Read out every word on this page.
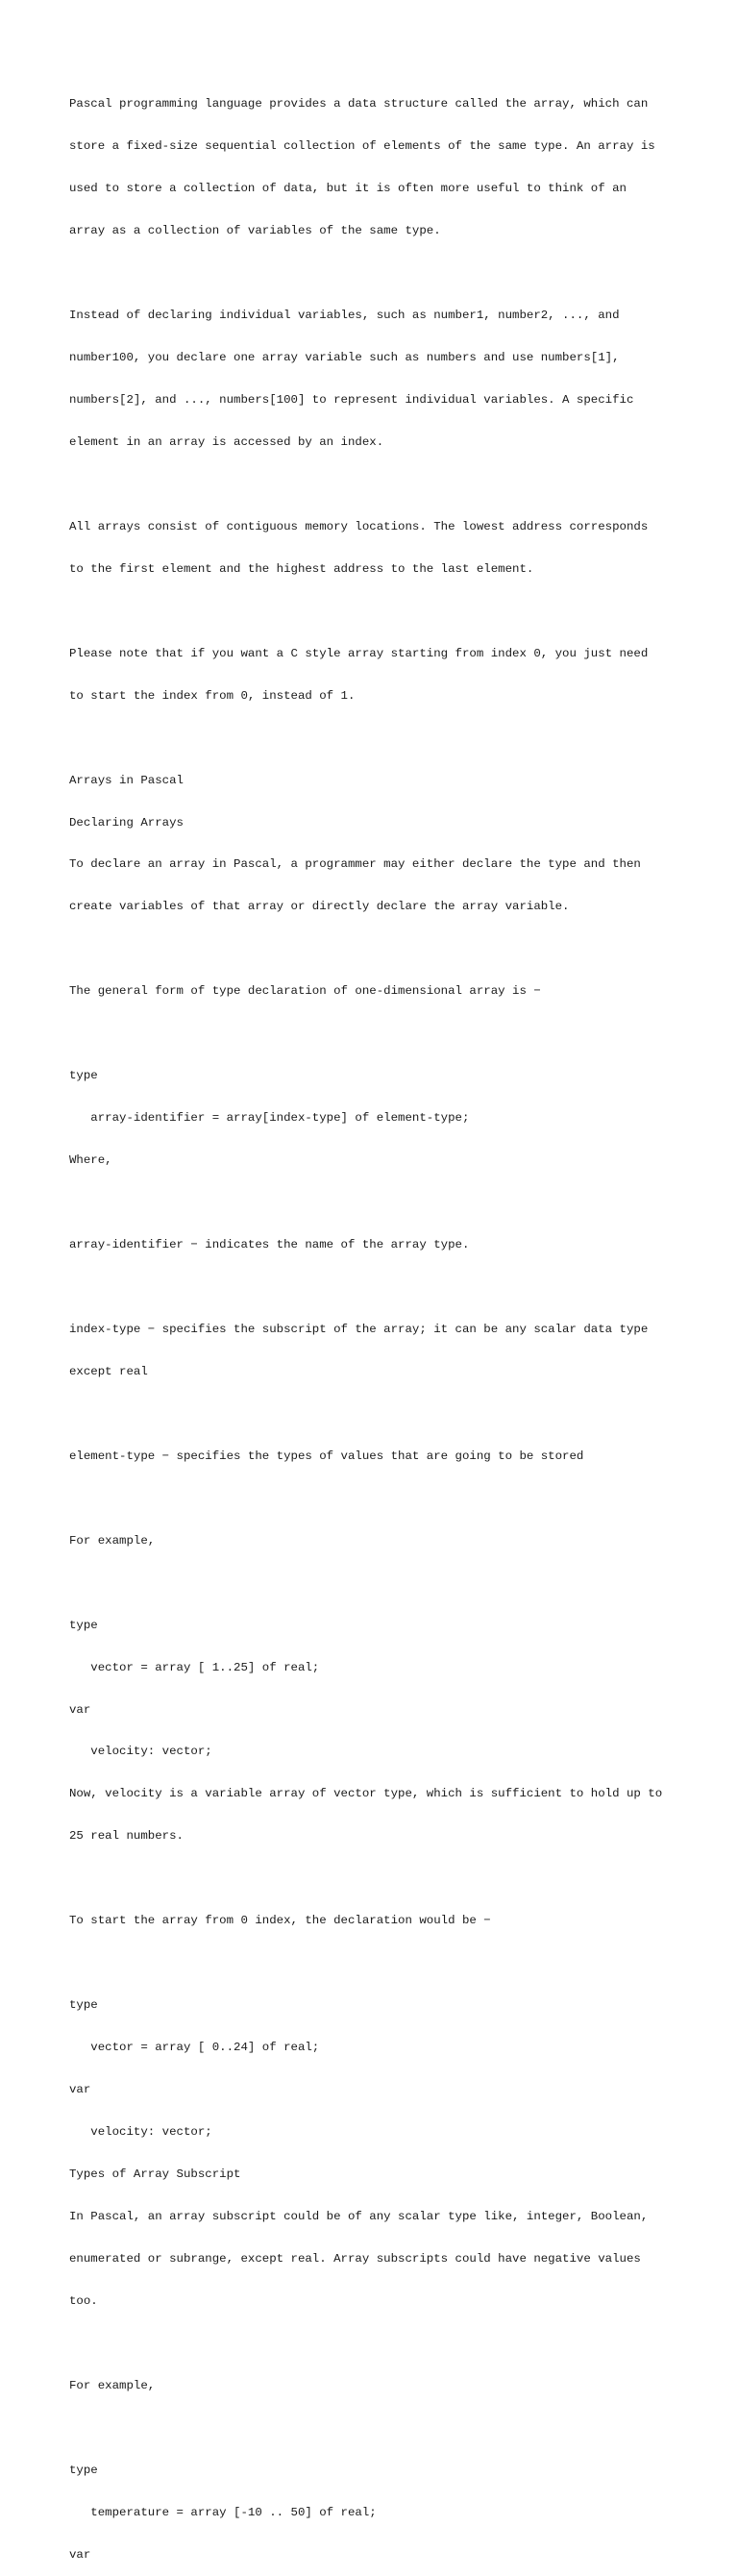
Pascal programming language provides a data structure called the array, which can

store a fixed-size sequential collection of elements of the same type. An array is

used to store a collection of data, but it is often more useful to think of an

array as a collection of variables of the same type.

Instead of declaring individual variables, such as number1, number2, ..., and

number100, you declare one array variable such as numbers and use numbers[1],

numbers[2], and ..., numbers[100] to represent individual variables. A specific

element in an array is accessed by an index.

All arrays consist of contiguous memory locations. The lowest address corresponds

to the first element and the highest address to the last element.

Please note that if you want a C style array starting from index 0, you just need

to start the index from 0, instead of 1.

Arrays in Pascal

Declaring Arrays

To declare an array in Pascal, a programmer may either declare the type and then

create variables of that array or directly declare the array variable.

The general form of type declaration of one-dimensional array is −

type

array-identifier = array[index-type] of element-type;

Where,

array-identifier − indicates the name of the array type.

index-type − specifies the subscript of the array; it can be any scalar data type

except real

element-type − specifies the types of values that are going to be stored

For example,

type

vector = array [ 1..25] of real;

var

velocity: vector;

Now, velocity is a variable array of vector type, which is sufficient to hold up to

25 real numbers.

To start the array from 0 index, the declaration would be −

type

vector = array [ 0..24] of real;

var

velocity: vector;

Types of Array Subscript

In Pascal, an array subscript could be of any scalar type like, integer, Boolean,

enumerated or subrange, except real. Array subscripts could have negative values

too.

For example,

type

temperature = array [-10 .. 50] of real;

var
